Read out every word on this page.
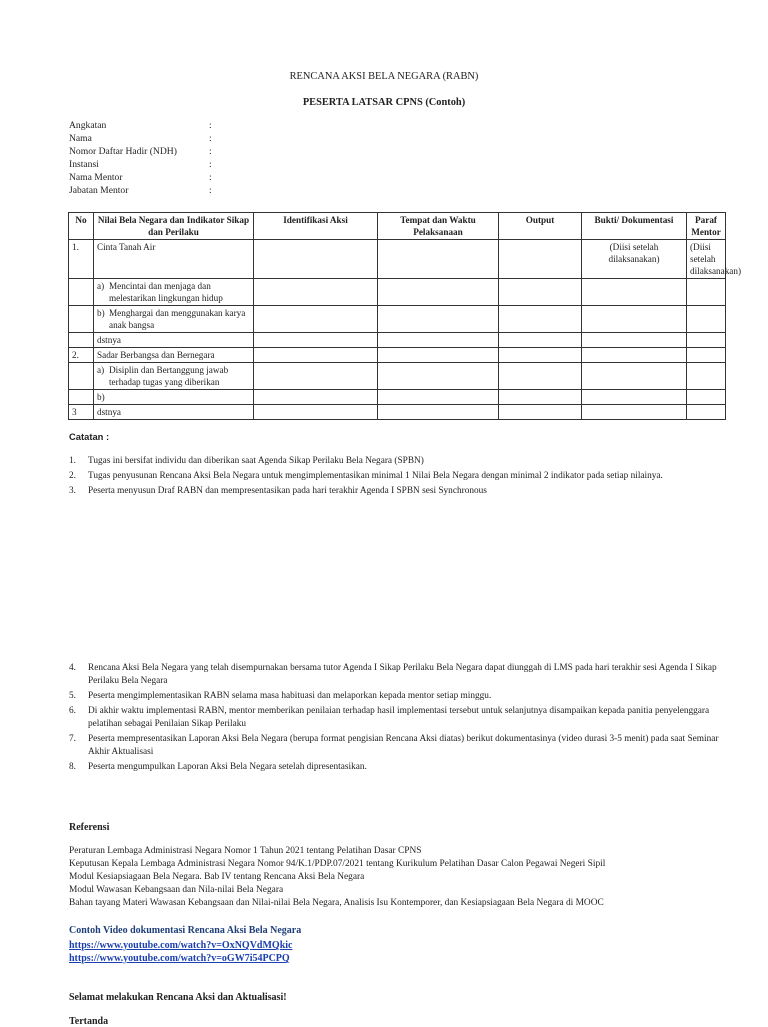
RENCANA AKSI BELA NEGARA (RABN)
PESERTA LATSAR CPNS (Contoh)
Angkatan	:
Nama	:
Nomor Daftar Hadir (NDH)	:
Instansi	:
Nama Mentor	:
Jabatan Mentor	:
No	Nilai Bela Negara dan Indikator Sikap dan Perilaku	Identifikasi Aksi	Tempat dan Waktu Pelaksanaan	Output	Bukti/ Dokumentasi	Paraf Mentor
1.	Cinta Tanah Air				(Diisi setelah dilaksanakan)	(Diisi setelah dilaksanakan)

	a) Mencintai dan menjaga dan melestarikan lingkungan hidup					

	b) Menghargai dan menggunakan karya anak bangsa					

	dstnya					
2.	Sadar Berbangsa dan Bernegara					

	a) Disiplin dan Bertanggung jawab terhadap tugas yang diberikan					

	b)					

3	dstnya					
Catatan :
1. Tugas ini bersifat individu dan diberikan saat Agenda Sikap Perilaku Bela Negara (SPBN)
2. Tugas penyusunan Rencana Aksi Bela Negara untuk mengimplementasikan minimal 1 Nilai Bela Negara dengan minimal 2 indikator pada setiap nilainya.
3. Peserta menyusun Draf RABN dan mempresentasikan pada hari terakhir Agenda I SPBN sesi Synchronous
4. Rencana Aksi Bela Negara yang telah disempurnakan bersama tutor Agenda I Sikap Perilaku Bela Negara dapat diunggah di LMS pada hari terakhir sesi Agenda I Sikap Perilaku Bela Negara
5. Peserta mengimplementasikan RABN selama masa habituasi dan melaporkan kepada mentor setiap minggu.
6. Di akhir waktu implementasi RABN, mentor memberikan penilaian terhadap hasil implementasi tersebut untuk selanjutnya disampaikan kepada panitia penyelenggara pelatihan sebagai Penilaian Sikap Perilaku
7. Peserta mempresentasikan Laporan Aksi Bela Negara (berupa format pengisian Rencana Aksi diatas) berikut dokumentasinya (video durasi 3-5 menit) pada saat Seminar Akhir Aktualisasi
8. Peserta mengumpulkan Laporan Aksi Bela Negara setelah dipresentasikan.
Referensi
Peraturan Lembaga Administrasi Negara Nomor 1 Tahun 2021 tentang Pelatihan Dasar CPNS
Keputusan Kepala Lembaga Administrasi Negara Nomor 94/K.1/PDP.07/2021 tentang Kurikulum Pelatihan Dasar Calon Pegawai Negeri Sipil
Modul Kesiapsiagaan Bela Negara. Bab IV tentang Rencana Aksi Bela Negara
Modul Wawasan Kebangsaan dan Nila-nilai Bela Negara
Bahan tayang Materi Wawasan Kebangsaan dan Nilai-nilai Bela Negara, Analisis Isu Kontemporer, dan Kesiapsiagaan Bela Negara di MOOC
Contoh Video dokumentasi Rencana Aksi Bela Negara
https://www.youtube.com/watch?v=OxNQVdMQkic
https://www.youtube.com/watch?v=oGW7i54PCPQ
Selamat melakukan Rencana Aksi dan Aktualisasi!
Tertanda
